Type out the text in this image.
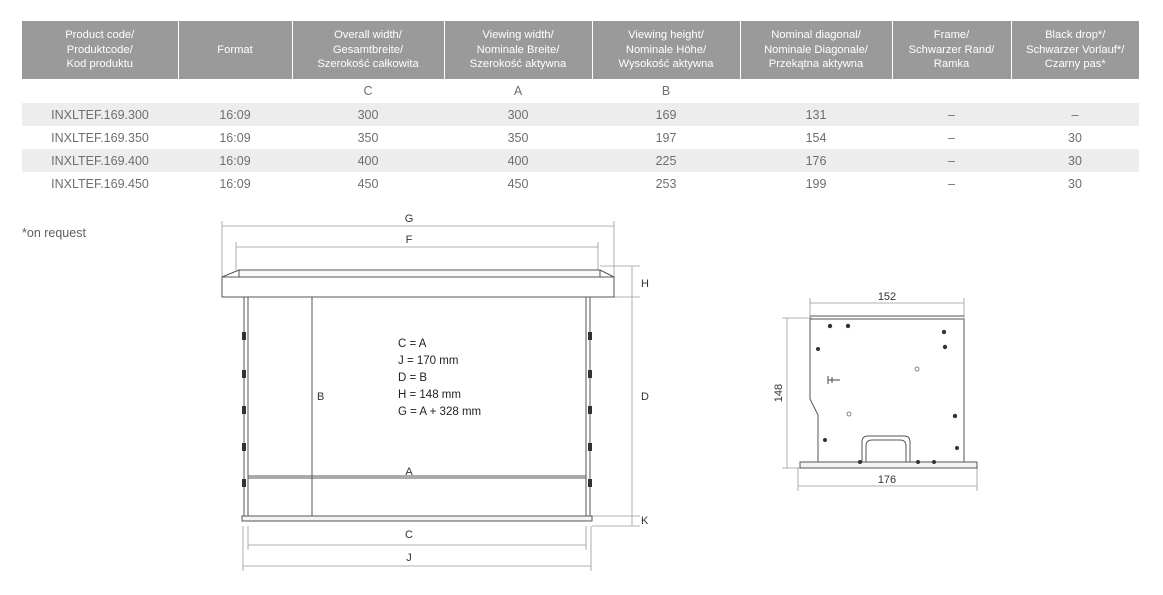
Product code/
Produktcode/
Kod produktu	Format	Overall width/
Gesamtbreite/
Szerokość całkowita	Viewing width/
Nominale Breite/
Szerokość aktywna	Viewing height/
Nominale Höhe/
Wysokość aktywna	Nominal diagonal/
Nominale Diagonale/
Przekątna aktywna	Frame/
Schwarzer Rand/
Ramka	Black drop*/
Schwarzer Vorlauf*/
Czarny pas*

		C	A	B			
INXLTEF.169.300	16:09	300	300	169	131	–	–
INXLTEF.169.350	16:09	350	350	197	154	–	30
INXLTEF.169.400	16:09	400	400	225	176	–	30
INXLTEF.169.450	16:09	450	450	253	199	–	30
*on request
G
F
H
B	D
A
K
C
J
C = A
J = 170 mm
D = B
H = 148 mm
G = A + 328 mm
152
148
176
